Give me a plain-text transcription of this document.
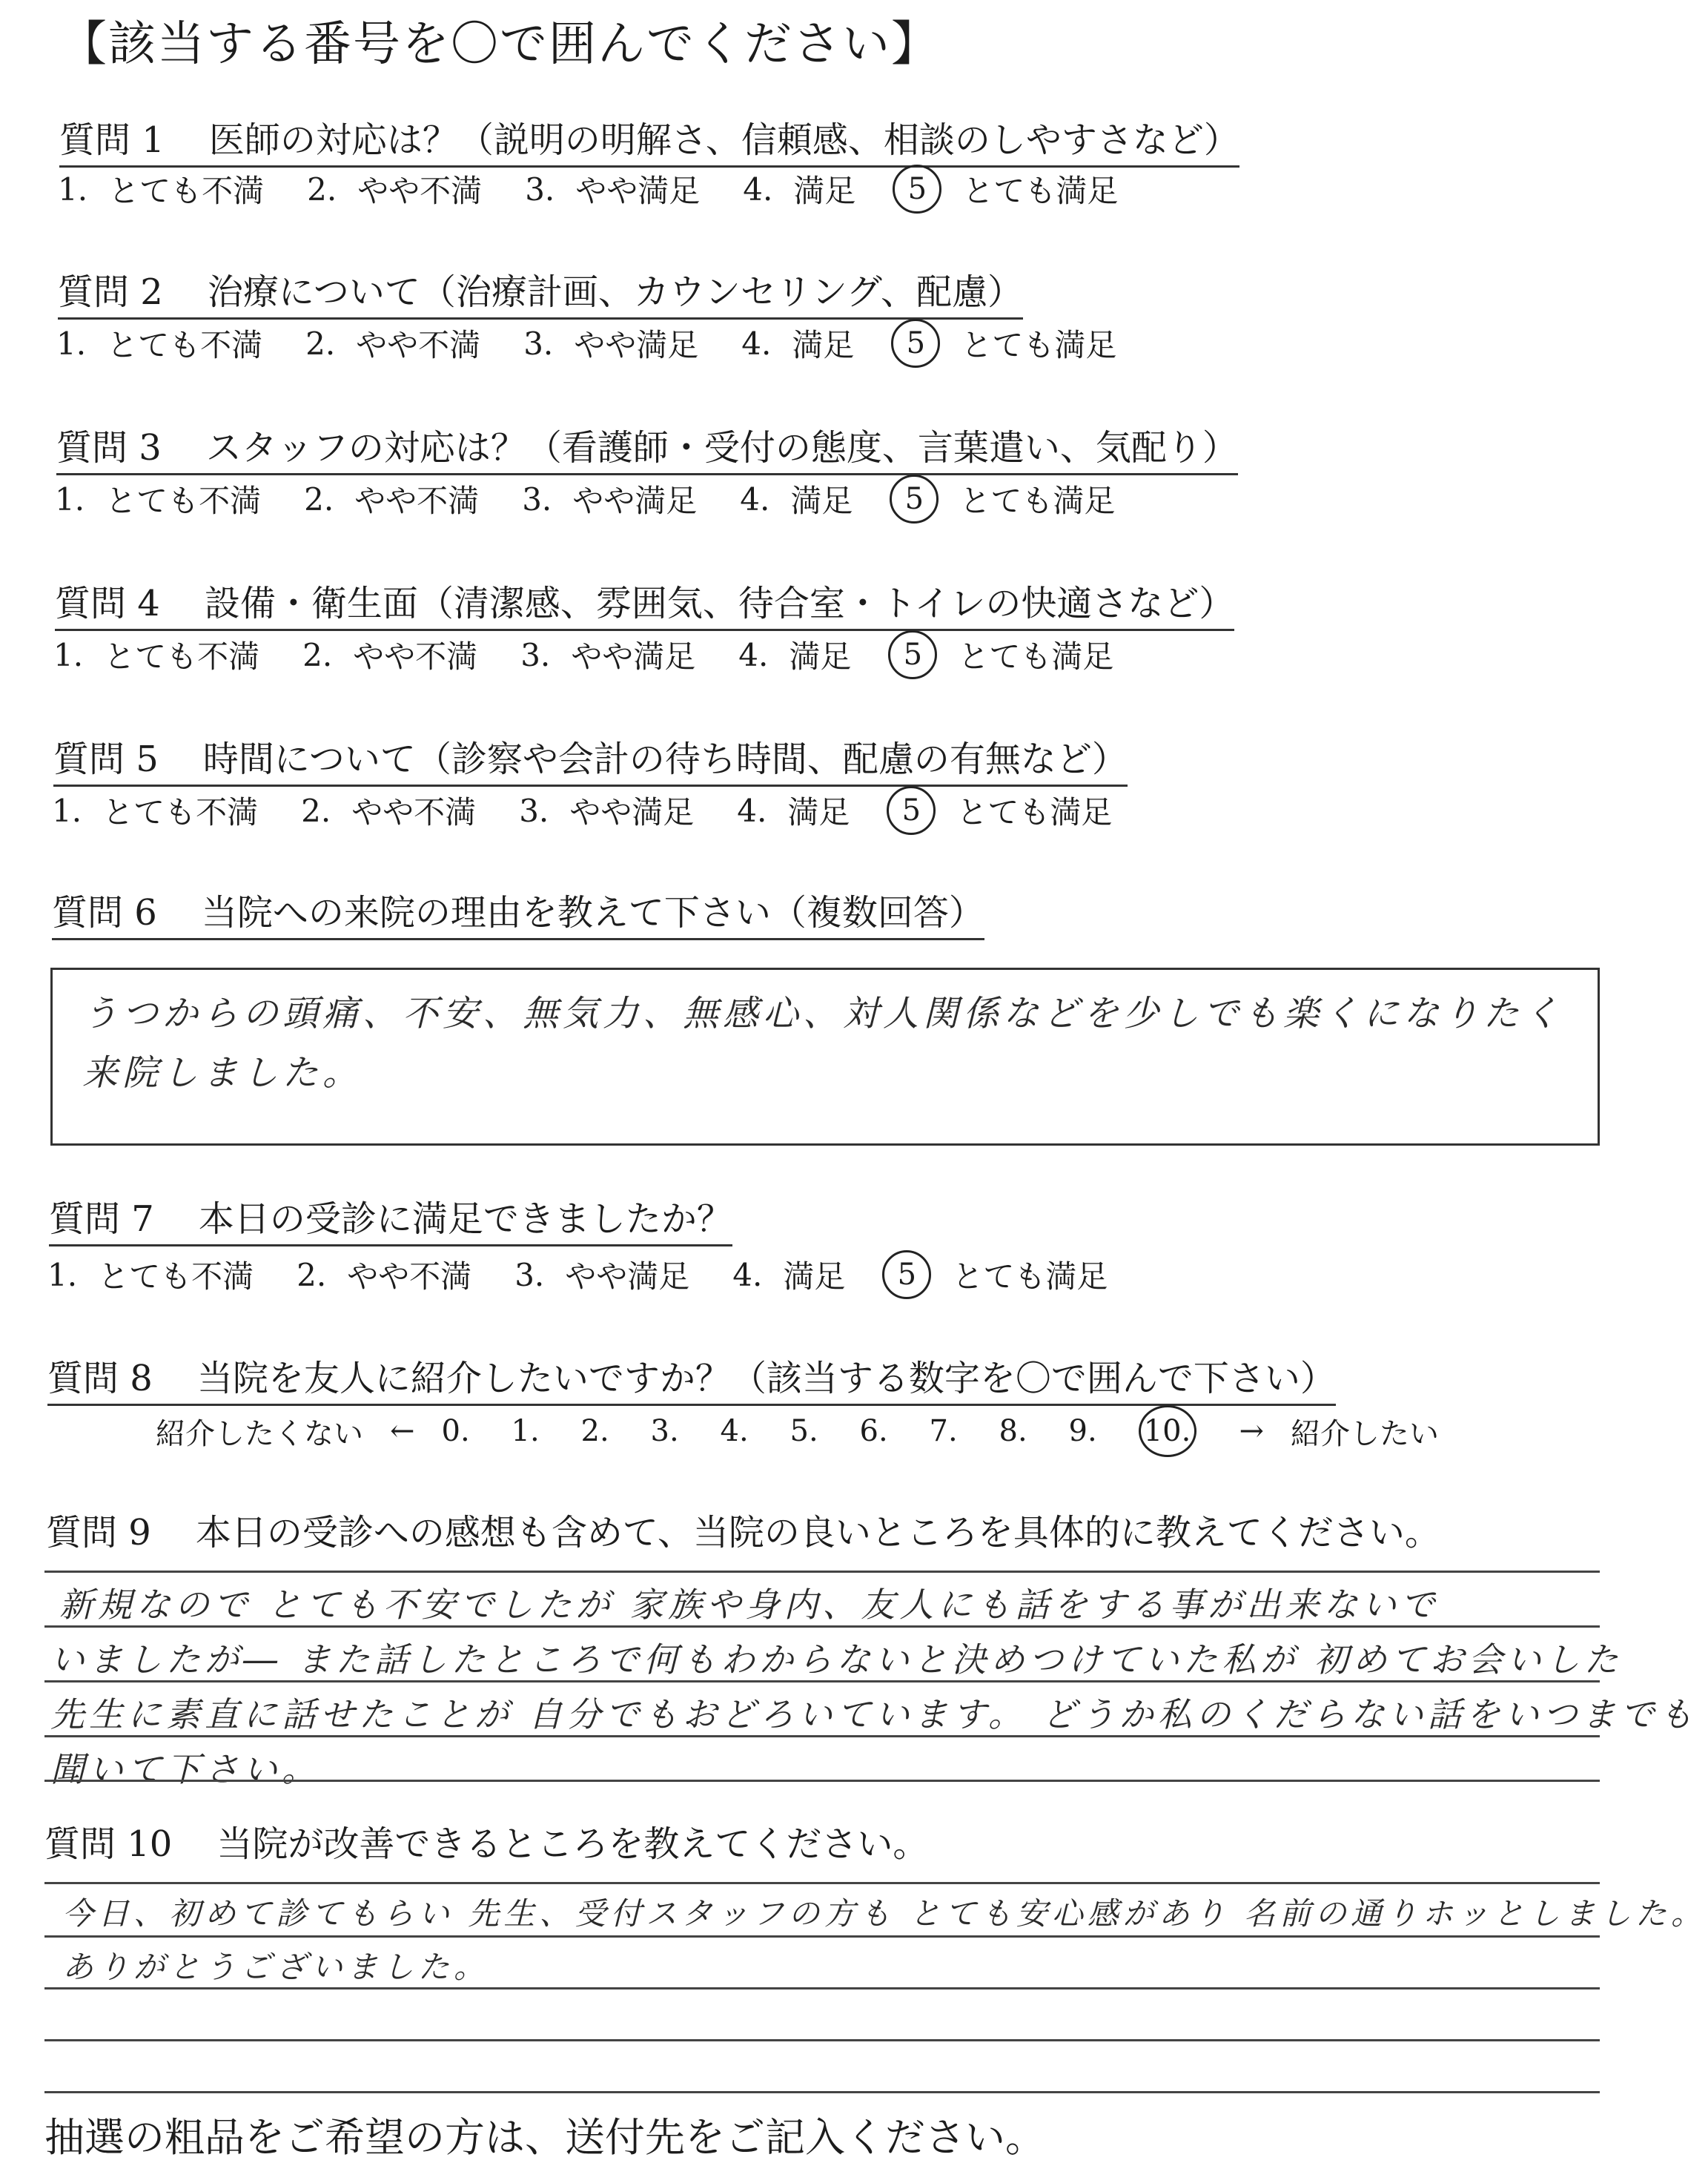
【該当する番号を〇で囲んでください】
質問 1 医師の対応は？（説明の明解さ、信頼感、相談のしやすさなど）
1. とても不満 2. やや不満 3. やや満足 4. 満足	5	とても満足
質問 2 治療について（治療計画、カウンセリング、配慮）
1. とても不満 2. やや不満 3. やや満足 4. 満足	5	とても満足
質問 3 スタッフの対応は？（看護師・受付の態度、言葉遣い、気配り）
1. とても不満 2. やや不満 3. やや満足 4. 満足	5	とても満足
質問 4 設備・衛生面（清潔感、雰囲気、待合室・トイレの快適さなど）
1. とても不満 2. やや不満 3. やや満足 4. 満足	5	とても満足
質問 5 時間について（診察や会計の待ち時間、配慮の有無など）
1. とても不満 2. やや不満 3. やや満足 4. 満足	5	とても満足
質問 6 当院への来院の理由を教えて下さい（複数回答）
うつからの頭痛、不安、無気力、無感心、対人関係などを少しでも楽くになりたく
来院しました。
質問 7 本日の受診に満足できましたか？
1. とても不満 2. やや不満 3. やや満足 4. 満足	5	とても満足
質問 8 当院を友人に紹介したいですか？（該当する数字を〇で囲んで下さい）
紹介したくない ← 0.	1.	2.	3.	4.	5.	6.	7.	8.	9.	10. → 紹介したい
質問 9 本日の受診への感想も含めて、当院の良いところを具体的に教えてください。
新規なので とても不安でしたが 家族や身内、友人にも話をする事が出来ないで
いましたが― また話したところで何もわからないと決めつけていた私が 初めてお会いした
先生に素直に話せたことが 自分でもおどろいています。 どうか私のくだらない話をいつまでも
聞いて下さい。
質問 10 当院が改善できるところを教えてください。
今日、初めて診てもらい 先生、受付スタッフの方も とても安心感があり 名前の通りホッとしました。
ありがとうございました。
抽選の粗品をご希望の方は、送付先をご記入ください。
